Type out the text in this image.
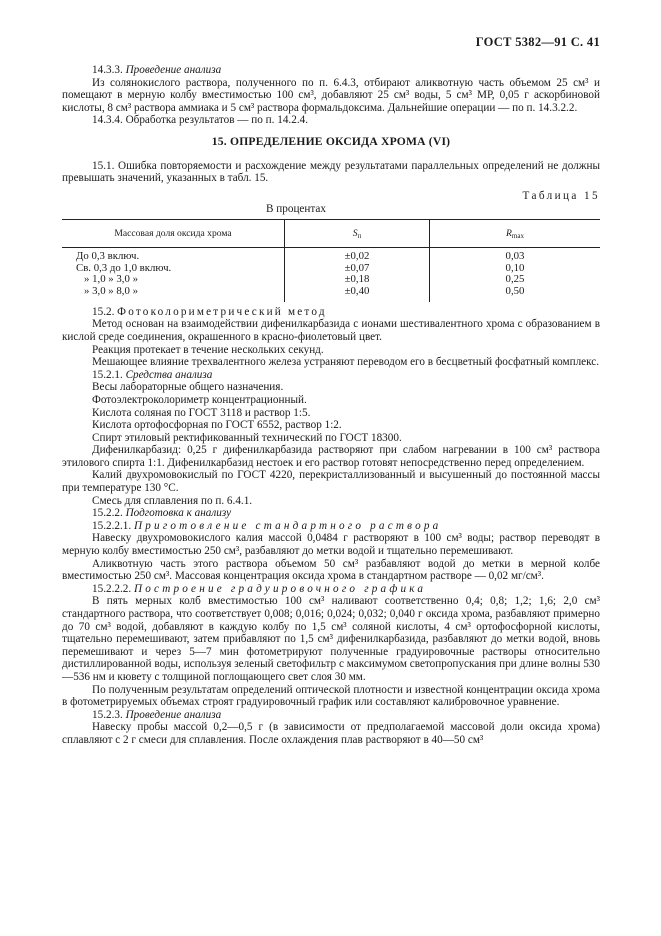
ГОСТ 5382—91 С. 41

14.3.3. Проведение анализа

Из солянокислого раствора, полученного по п. 6.4.3, отбирают аликвотную часть объемом 25 см³ и помещают в мерную колбу вместимостью 100 см³, добавляют 25 см³ воды, 5 см³ МР, 0,05 г аскорбиновой кислоты, 8 см³ раствора аммиака и 5 см³ раствора формальдоксима. Дальнейшие операции — по п. 14.3.2.2.

14.3.4. Обработка результатов — по п. 14.2.4.

15. ОПРЕДЕЛЕНИЕ ОКСИДА ХРОМА (VI)

15.1. Ошибка повторяемости и расхождение между результатами параллельных определений не должны превышать значений, указанных в табл. 15.

Таблица 15
В процентах
Массовая доля оксида хрома	$S_п$	$R_{max}$
До 0,3 включ.	±0,02	0,03
Св. 0,3 до 1,0 включ.	±0,07	0,10
» 1,0 » 3,0 »	±0,18	0,25
» 3,0 » 8,0 »	±0,40	0,50

15.2. Фотоколориметрический метод

Метод основан на взаимодействии дифенилкарбазида с ионами шестивалентного хрома с образованием в кислой среде соединения, окрашенного в красно-фиолетовый цвет.

Реакция протекает в течение нескольких секунд.

Мешающее влияние трехвалентного железа устраняют переводом его в бесцветный фосфатный комплекс.

15.2.1. Средства анализа

Весы лабораторные общего назначения.

Фотоэлектроколориметр концентрационный.

Кислота соляная по ГОСТ 3118 и раствор 1:5.

Кислота ортофосфорная по ГОСТ 6552, раствор 1:2.

Спирт этиловый ректификованный технический по ГОСТ 18300.

Дифенилкарбазид: 0,25 г дифенилкарбазида растворяют при слабом нагревании в 100 см³ раствора этилового спирта 1:1. Дифенилкарбазид нестоек и его раствор готовят непосредственно перед определением.

Калий двухромовокислый по ГОСТ 4220, перекристаллизованный и высушенный до постоянной массы при температуре 130 °С.

Смесь для сплавления по п. 6.4.1.

15.2.2. Подготовка к анализу

15.2.2.1. Приготовление стандартного раствора

Навеску двухромовокислого калия массой 0,0484 г растворяют в 100 см³ воды; раствор переводят в мерную колбу вместимостью 250 см³, разбавляют до метки водой и тщательно перемешивают.

Аликвотную часть этого раствора объемом 50 см³ разбавляют водой до метки в мерной колбе вместимостью 250 см³. Массовая концентрация оксида хрома в стандартном растворе — 0,02 мг/см³.

15.2.2.2. Построение градуировочного графика

В пять мерных колб вместимостью 100 см³ наливают соответственно 0,4; 0,8; 1,2; 1,6; 2,0 см³ стандартного раствора, что соответствует 0,008; 0,016; 0,024; 0,032; 0,040 г оксида хрома, разбавляют примерно до 70 см³ водой, добавляют в каждую колбу по 1,5 см³ соляной кислоты, 4 см³ ортофосфорной кислоты, тщательно перемешивают, затем прибавляют по 1,5 см³ дифенилкарбазида, разбавляют до метки водой, вновь перемешивают и через 5—7 мин фотометрируют полученные градуировочные растворы относительно дистиллированной воды, используя зеленый светофильтр с максимумом светопропускания при длине волны 530—536 нм и кювету с толщиной поглощающего свет слоя 30 мм.

По полученным результатам определений оптической плотности и известной концентрации оксида хрома в фотометрируемых объемах строят градуировочный график или составляют калибровочное уравнение.

15.2.3. Проведение анализа

Навеску пробы массой 0,2—0,5 г (в зависимости от предполагаемой массовой доли оксида хрома) сплавляют с 2 г смеси для сплавления. После охлаждения плав растворяют в 40—50 см³
